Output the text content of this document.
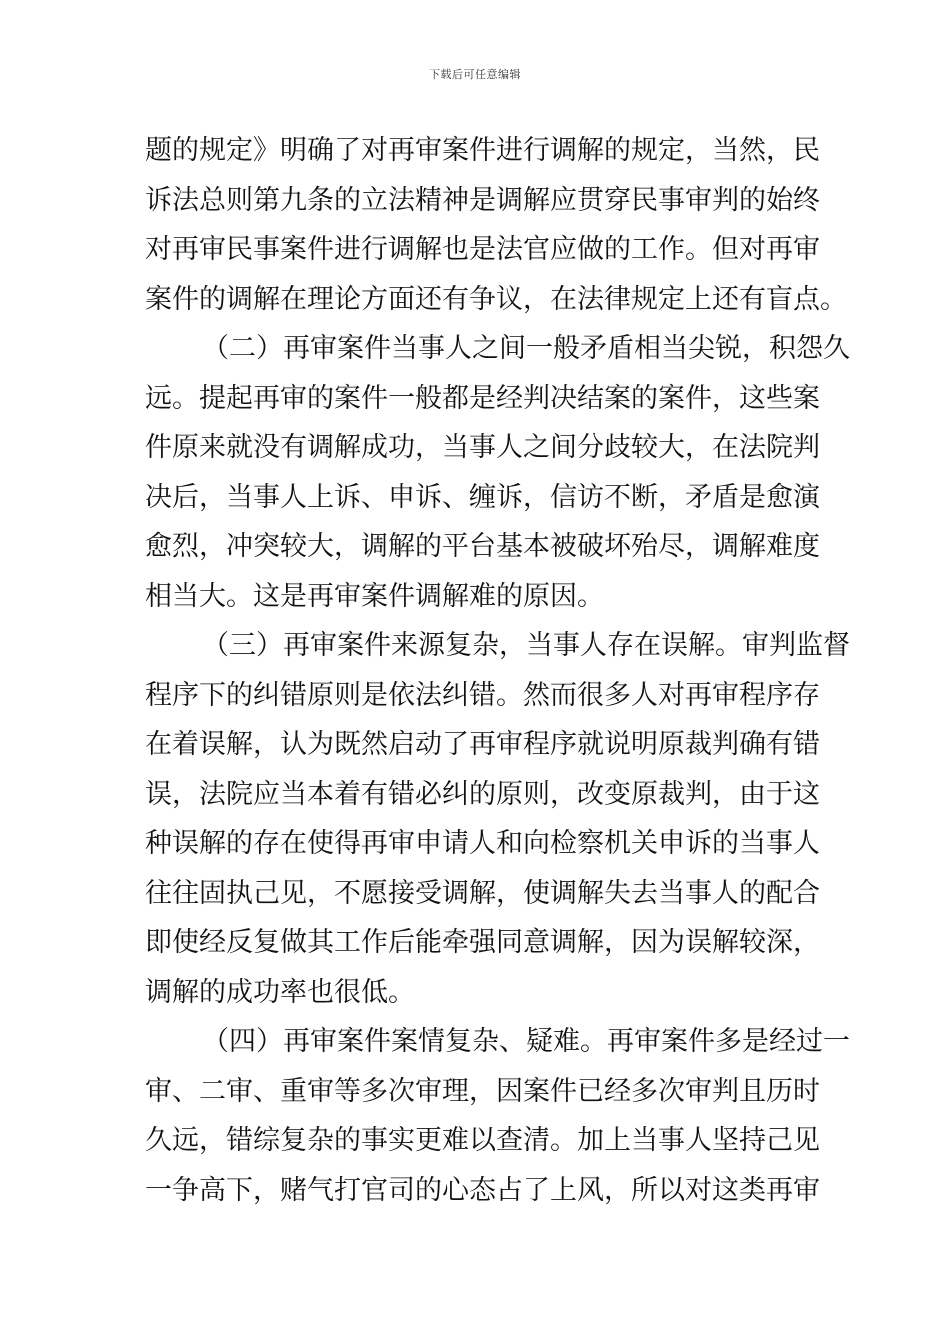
下载后可任意编辑
题的规定》明确了对再审案件进行调解的规定，当然，民
诉法总则第九条的立法精神是调解应贯穿民事审判的始终
对再审民事案件进行调解也是法官应做的工作。但对再审
案件的调解在理论方面还有争议，在法律规定上还有盲点。
（二）再审案件当事人之间一般矛盾相当尖锐，积怨久
远。提起再审的案件一般都是经判决结案的案件，这些案
件原来就没有调解成功，当事人之间分歧较大，在法院判
决后，当事人上诉、申诉、缠诉，信访不断，矛盾是愈演
愈烈，冲突较大，调解的平台基本被破坏殆尽，调解难度
相当大。这是再审案件调解难的原因。
（三）再审案件来源复杂，当事人存在误解。审判监督
程序下的纠错原则是依法纠错。然而很多人对再审程序存
在着误解，认为既然启动了再审程序就说明原裁判确有错
误，法院应当本着有错必纠的原则，改变原裁判，由于这
种误解的存在使得再审申请人和向检察机关申诉的当事人
往往固执己见，不愿接受调解，使调解失去当事人的配合
即使经反复做其工作后能牵强同意调解，因为误解较深，
调解的成功率也很低。
（四）再审案件案情复杂、疑难。再审案件多是经过一
审、二审、重审等多次审理，因案件已经多次审判且历时
久远，错综复杂的事实更难以查清。加上当事人坚持己见
一争高下，赌气打官司的心态占了上风，所以对这类再审
